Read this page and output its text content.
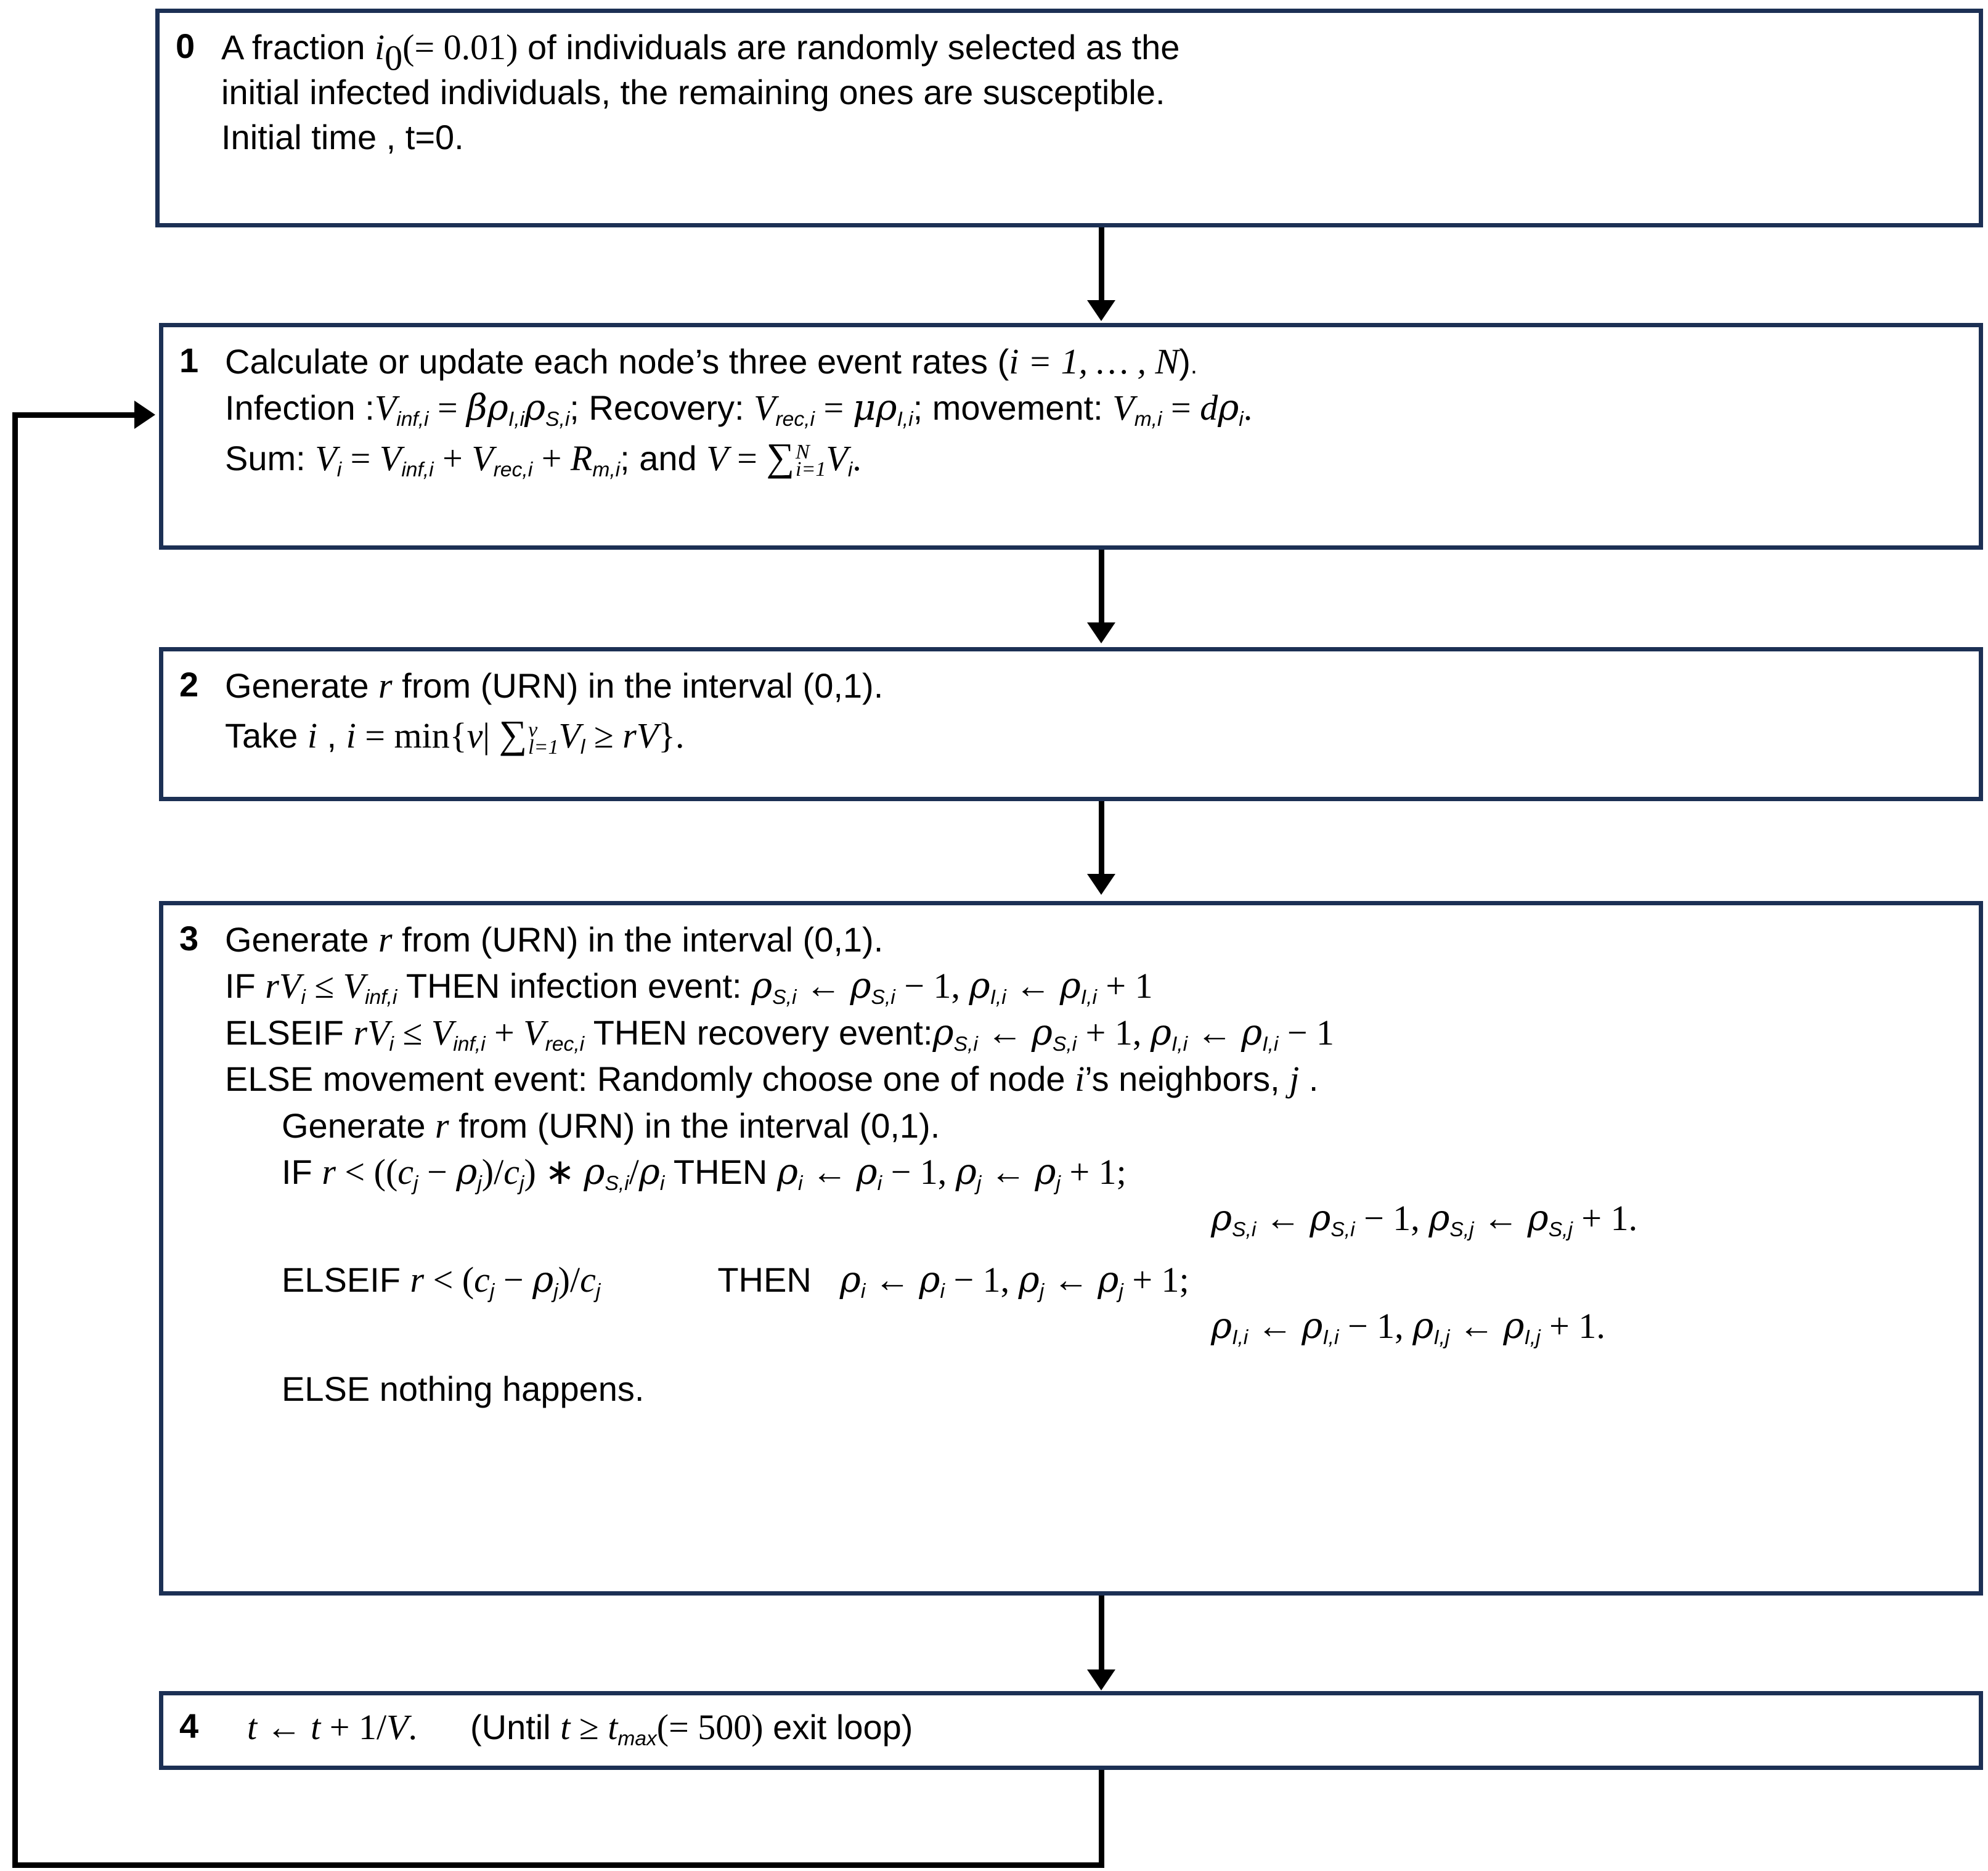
0 A fraction $i_0(= 0.01)$ of individuals are randomly selected as the
initial infected individuals, the remaining ones are susceptible.
Initial time , t=0.
1 Calculate or update each node’s three event rates (i = 1, … , N).
Infection $:V_{inf,i} = \beta\rho_{I,i}\rho_{S,i}$; Recovery: $V_{rec,i} = \mu\rho_{I,i}$; movement: $V_{m,i} = d\rho_i$.
Sum: $V_i = V_{inf,i} + V_{rec,i} + R_{m,i}$; and V = ∑ N
i=1 $V_i$.
2 Generate r from (URN) in the interval (0,1).
Take i , i = min{v| ∑ v
l=1 $V_l \ge rV$}.
3 Generate r from (URN) in the interval (0,1).
IF $rV_i \le V_{inf,i}$ THEN infection event: $\rho_{S,i}$ ← $\rho_{S,i} - 1$, $\rho_{I,i}$ ← $\rho_{I,i} + 1$
ELSEIF $rV_i \le V_{inf,i} + V_{rec,i}$ THEN recovery $event:\rho_{S,i}$ ← $\rho_{S,i} + 1$, $\rho_{I,i}$ ← $\rho_{I,i} - 1$
ELSE movement event: Randomly choose one of node i’s neighbors, j .
Generate r from (URN) in the interval (0,1).
IF $r < ((c_j - \rho_j)/c_j)$ ∗ $\rho_{S,i}/\rho_i$ THEN $\rho_i$ ← $\rho_i - 1$, $\rho_j$ ← $\rho_j + 1$;
$\rho_{S,i}$ ← $\rho_{S,i} - 1$, $\rho_{S,j}$ ← $\rho_{S,j} + 1$.
ELSEIF $r < (c_j - \rho_j)/c_j$	THEN $\rho_i$ ← $\rho_i - 1$, $\rho_j$ ← $\rho_j + 1$;
$\rho_{I,i}$ ← $\rho_{I,i} - 1$, $\rho_{I,j}$ ← $\rho_{I,j} + 1$.
ELSE nothing happens.
4	t ← t + 1/V. (Until $t \ge t_{max}(= 500)$ exit loop)
